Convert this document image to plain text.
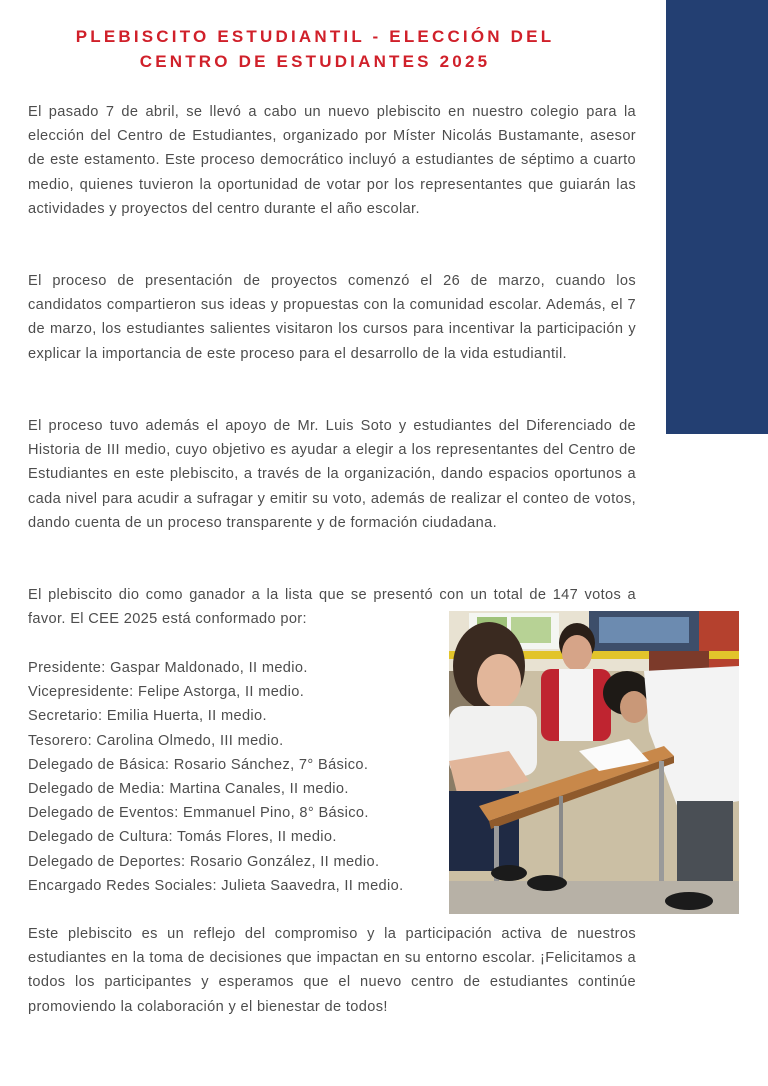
PLEBISCITO ESTUDIANTIL - ELECCIÓN DEL
CENTRO DE ESTUDIANTES 2025

El pasado 7 de abril, se llevó a cabo un nuevo plebiscito en nuestro colegio para la elección del Centro de Estudiantes, organizado por Míster Nicolás Bustamante, asesor de este estamento. Este proceso democrático incluyó a estudiantes de séptimo a cuarto medio, quienes tuvieron la oportunidad de votar por los representantes que guiarán las actividades y proyectos del centro durante el año escolar.

El proceso de presentación de proyectos comenzó el 26 de marzo, cuando los candidatos compartieron sus ideas y propuestas con la comunidad escolar. Además, el 7 de marzo, los estudiantes salientes visitaron los cursos para incentivar la participación y explicar la importancia de este proceso para el desarrollo de la vida estudiantil.

El proceso tuvo además el apoyo de Mr. Luis Soto y estudiantes del Diferenciado de Historia de III medio, cuyo objetivo es ayudar a elegir a los representantes del Centro de Estudiantes en este plebiscito, a través de la organización, dando espacios oportunos a cada nivel para acudir a sufragar y emitir su voto, además de realizar el conteo de votos, dando cuenta de un proceso transparente y de formación ciudadana.

El plebiscito dio como ganador a la lista que se presentó con un total de 147 votos a favor. El CEE 2025 está conformado por:

Presidente: Gaspar Maldonado, II medio.
Vicepresidente: Felipe Astorga, II medio.
Secretario: Emilia Huerta, II medio.
Tesorero: Carolina Olmedo, III medio.
Delegado de Básica: Rosario Sánchez, 7° Básico.
Delegado de Media: Martina Canales, II medio.
Delegado de Eventos: Emmanuel Pino, 8° Básico.
Delegado de Cultura: Tomás Flores, II medio.
Delegado de Deportes: Rosario González, II medio.
Encargado Redes Sociales: Julieta Saavedra, II medio.

Este plebiscito es un reflejo del compromiso y la participación activa de nuestros estudiantes en la toma de decisiones que impactan en su entorno escolar. ¡Felicitamos a todos los participantes y esperamos que el nuevo centro de estudiantes continúe promoviendo la colaboración y el bienestar de todos!
